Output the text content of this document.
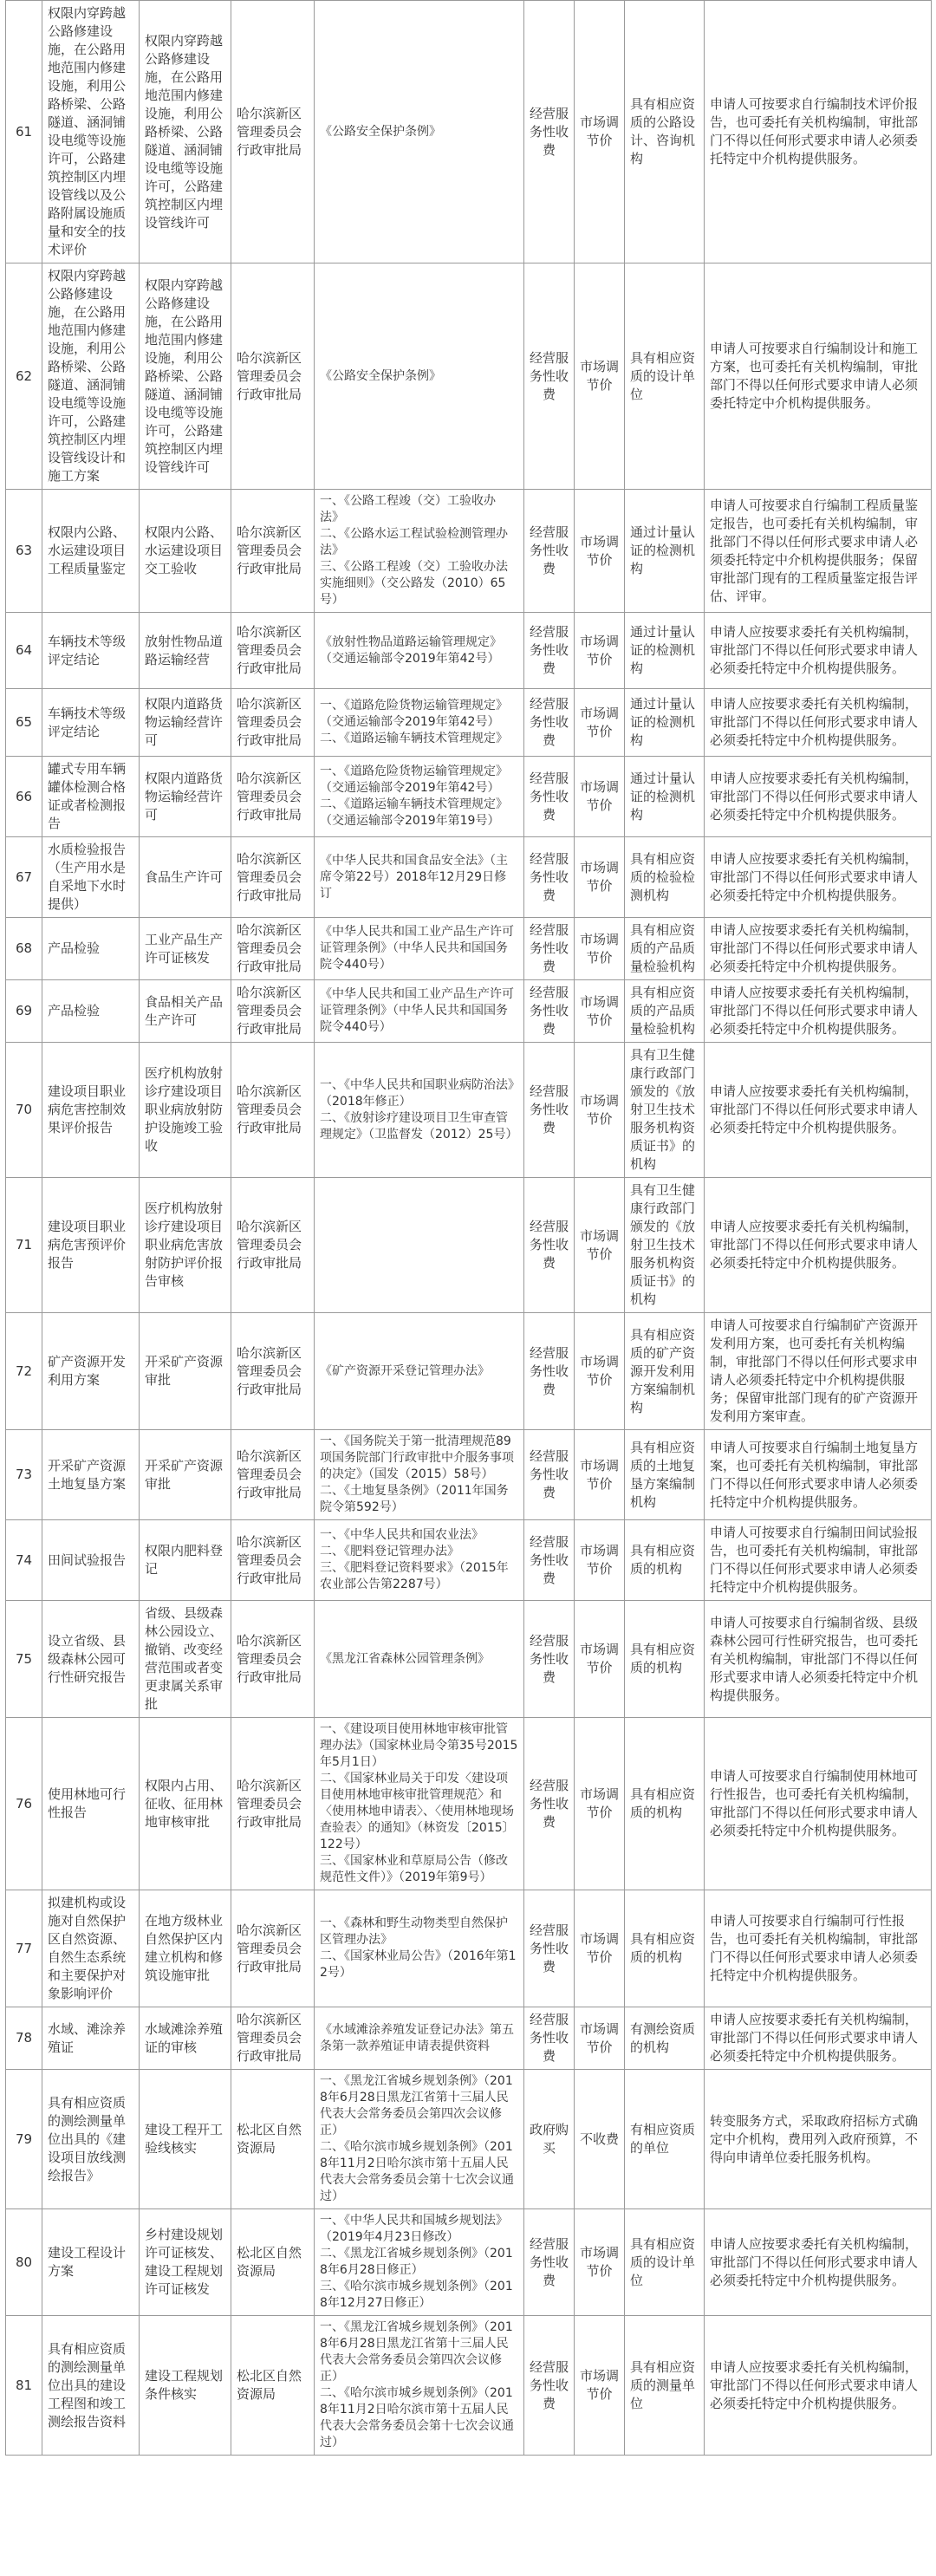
61	权限内穿跨越公路修建设施，在公路用地范围内修建设施，利用公路桥梁、公路隧道、涵洞铺设电缆等设施许可，公路建筑控制区内埋设管线以及公路附属设施质量和安全的技术评价	权限内穿跨越公路修建设施，在公路用地范围内修建设施，利用公路桥梁、公路隧道、涵洞铺设电缆等设施许可，公路建筑控制区内埋设管线许可	哈尔滨新区管理委员会行政审批局	《公路安全保护条例》	经营服务性收费	市场调节价	具有相应资质的公路设计、咨询机构	申请人可按要求自行编制技术评价报告，也可委托有关机构编制，审批部门不得以任何形式要求申请人必须委托特定中介机构提供服务。
62	权限内穿跨越公路修建设施，在公路用地范围内修建设施，利用公路桥梁、公路隧道、涵洞铺设电缆等设施许可，公路建筑控制区内埋设管线设计和施工方案	权限内穿跨越公路修建设施，在公路用地范围内修建设施，利用公路桥梁、公路隧道、涵洞铺设电缆等设施许可，公路建筑控制区内埋设管线许可	哈尔滨新区管理委员会行政审批局	《公路安全保护条例》	经营服务性收费	市场调节价	具有相应资质的设计单位	申请人可按要求自行编制设计和施工方案，也可委托有关机构编制，审批部门不得以任何形式要求申请人必须委托特定中介机构提供服务。
63	权限内公路、水运建设项目工程质量鉴定	权限内公路、水运建设项目交工验收	哈尔滨新区管理委员会行政审批局	一、《公路工程竣（交）工验收办法》
二、《公路水运工程试验检测管理办法》
三、《公路工程竣（交）工验收办法实施细则》（交公路发（2010）65号）	经营服务性收费	市场调节价	通过计量认证的检测机构	申请人可按要求自行编制工程质量鉴定报告，也可委托有关机构编制，审批部门不得以任何形式要求申请人必须委托特定中介机构提供服务；保留审批部门现有的工程质量鉴定报告评估、评审。
64	车辆技术等级评定结论	放射性物品道路运输经营	哈尔滨新区管理委员会行政审批局	《放射性物品道路运输管理规定》（交通运输部令2019年第42号）	经营服务性收费	市场调节价	通过计量认证的检测机构	申请人应按要求委托有关机构编制，审批部门不得以任何形式要求申请人必须委托特定中介机构提供服务。
65	车辆技术等级评定结论	权限内道路货物运输经营许可	哈尔滨新区管理委员会行政审批局	一、《道路危险货物运输管理规定》（交通运输部令2019年第42号）
二、《道路运输车辆技术管理规定》	经营服务性收费	市场调节价	通过计量认证的检测机构	申请人应按要求委托有关机构编制，审批部门不得以任何形式要求申请人必须委托特定中介机构提供服务。
66	罐式专用车辆罐体检测合格证或者检测报告	权限内道路货物运输经营许可	哈尔滨新区管理委员会行政审批局	一、《道路危险货物运输管理规定》（交通运输部令2019年第42号）
二、《道路运输车辆技术管理规定》（交通运输部令2019年第19号）	经营服务性收费	市场调节价	通过计量认证的检测机构	申请人应按要求委托有关机构编制，审批部门不得以任何形式要求申请人必须委托特定中介机构提供服务。
67	水质检验报告（生产用水是自采地下水时提供）	食品生产许可	哈尔滨新区管理委员会行政审批局	《中华人民共和国食品安全法》（主席令第22号）2018年12月29日修订	经营服务性收费	市场调节价	具有相应资质的检验检测机构	申请人应按要求委托有关机构编制，审批部门不得以任何形式要求申请人必须委托特定中介机构提供服务。
68	产品检验	工业产品生产许可证核发	哈尔滨新区管理委员会行政审批局	《中华人民共和国工业产品生产许可证管理条例》（中华人民共和国国务院令440号）	经营服务性收费	市场调节价	具有相应资质的产品质量检验机构	申请人应按要求委托有关机构编制，审批部门不得以任何形式要求申请人必须委托特定中介机构提供服务。
69	产品检验	食品相关产品生产许可	哈尔滨新区管理委员会行政审批局	《中华人民共和国工业产品生产许可证管理条例》（中华人民共和国国务院令440号）	经营服务性收费	市场调节价	具有相应资质的产品质量检验机构	申请人应按要求委托有关机构编制，审批部门不得以任何形式要求申请人必须委托特定中介机构提供服务。
70	建设项目职业病危害控制效果评价报告	医疗机构放射诊疗建设项目职业病放射防护设施竣工验收	哈尔滨新区管理委员会行政审批局	一、《中华人民共和国职业病防治法》（2018年修正）
二、《放射诊疗建设项目卫生审查管理规定》（卫监督发（2012）25号）	经营服务性收费	市场调节价	具有卫生健康行政部门颁发的《放射卫生技术服务机构资质证书》的机构	申请人应按要求委托有关机构编制，审批部门不得以任何形式要求申请人必须委托特定中介机构提供服务。
71	建设项目职业病危害预评价报告	医疗机构放射诊疗建设项目职业病危害放射防护评价报告审核	哈尔滨新区管理委员会行政审批局		经营服务性收费	市场调节价	具有卫生健康行政部门颁发的《放射卫生技术服务机构资质证书》的机构	申请人应按要求委托有关机构编制，审批部门不得以任何形式要求申请人必须委托特定中介机构提供服务。
72	矿产资源开发利用方案	开采矿产资源审批	哈尔滨新区管理委员会行政审批局	《矿产资源开采登记管理办法》	经营服务性收费	市场调节价	具有相应资质的矿产资源开发利用方案编制机构	申请人可按要求自行编制矿产资源开发利用方案，也可委托有关机构编制，审批部门不得以任何形式要求申请人必须委托特定中介机构提供服务；保留审批部门现有的矿产资源开发利用方案审查。
73	开采矿产资源土地复垦方案	开采矿产资源审批	哈尔滨新区管理委员会行政审批局	一、《国务院关于第一批清理规范89项国务院部门行政审批中介服务事项的决定》（国发（2015）58号）
二、《土地复垦条例》（2011年国务院令第592号）	经营服务性收费	市场调节价	具有相应资质的土地复垦方案编制机构	申请人可按要求自行编制土地复垦方案，也可委托有关机构编制，审批部门不得以任何形式要求申请人必须委托特定中介机构提供服务。
74	田间试验报告	权限内肥料登记	哈尔滨新区管理委员会行政审批局	一、《中华人民共和国农业法》
二、《肥料登记管理办法》
三、《肥料登记资料要求》（2015年农业部公告第2287号）	经营服务性收费	市场调节价	具有相应资质的机构	申请人可按要求自行编制田间试验报告，也可委托有关机构编制，审批部门不得以任何形式要求申请人必须委托特定中介机构提供服务。
75	设立省级、县级森林公园可行性研究报告	省级、县级森林公园设立、撤销、改变经营范围或者变更隶属关系审批	哈尔滨新区管理委员会行政审批局	《黑龙江省森林公园管理条例》	经营服务性收费	市场调节价	具有相应资质的机构	申请人可按要求自行编制省级、县级森林公园可行性研究报告，也可委托有关机构编制，审批部门不得以任何形式要求申请人必须委托特定中介机构提供服务。
76	使用林地可行性报告	权限内占用、征收、征用林地审核审批	哈尔滨新区管理委员会行政审批局	一、《建设项目使用林地审核审批管理办法》（国家林业局令第35号2015年5月1日）
二、《国家林业局关于印发〈建设项目使用林地审核审批管理规范〉和〈使用林地申请表〉、〈使用林地现场查验表〉的通知》（林资发〔2015〕122号）
三、《国家林业和草原局公告（修改规范性文件）》（2019年第9号）	经营服务性收费	市场调节价	具有相应资质的机构	申请人可按要求自行编制使用林地可行性报告，也可委托有关机构编制，审批部门不得以任何形式要求申请人必须委托特定中介机构提供服务。
77	拟建机构或设施对自然保护区自然资源、自然生态系统和主要保护对象影响评价	在地方级林业自然保护区内建立机构和修筑设施审批	哈尔滨新区管理委员会行政审批局	一、《森林和野生动物类型自然保护区管理办法》
二、《国家林业局公告》（2016年第12号）	经营服务性收费	市场调节价	具有相应资质的机构	申请人可按要求自行编制可行性报告，也可委托有关机构编制，审批部门不得以任何形式要求申请人必须委托特定中介机构提供服务。
78	水域、滩涂养殖证	水域滩涂养殖证的审核	哈尔滨新区管理委员会行政审批局	《水域滩涂养殖发证登记办法》第五条第一款养殖证申请表提供资料	经营服务性收费	市场调节价	有测绘资质的机构	申请人应按要求委托有关机构编制，审批部门不得以任何形式要求申请人必须委托特定中介机构提供服务。
79	具有相应资质的测绘测量单位出具的《建设项目放线测绘报告》	建设工程开工验线核实	松北区自然资源局	一、《黑龙江省城乡规划条例》（2018年6月28日黑龙江省第十三届人民代表大会常务委员会第四次会议修正）
二、《哈尔滨市城乡规划条例》（2018年11月2日哈尔滨市第十五届人民代表大会常务委员会第十七次会议通过）	政府购买	不收费	有相应资质的单位	转变服务方式，采取政府招标方式确定中介机构，费用列入政府预算，不得向申请单位委托服务机构。
80	建设工程设计方案	乡村建设规划许可证核发、建设工程规划许可证核发	松北区自然资源局	一、《中华人民共和国城乡规划法》（2019年4月23日修改）
二、《黑龙江省城乡规划条例》（2018年6月28日修正）
三、《哈尔滨市城乡规划条例》（2018年12月27日修正）	经营服务性收费	市场调节价	具有相应资质的设计单位	申请人应按要求委托有关机构编制，审批部门不得以任何形式要求申请人必须委托特定中介机构提供服务。
81	具有相应资质的测绘测量单位出具的建设工程图和竣工测绘报告资料	建设工程规划条件核实	松北区自然资源局	一、《黑龙江省城乡规划条例》（2018年6月28日黑龙江省第十三届人民代表大会常务委员会第四次会议修正）
二、《哈尔滨市城乡规划条例》（2018年11月2日哈尔滨市第十五届人民代表大会常务委员会第十七次会议通过）	经营服务性收费	市场调节价	具有相应资质的测量单位	申请人应按要求委托有关机构编制，审批部门不得以任何形式要求申请人必须委托特定中介机构提供服务。
